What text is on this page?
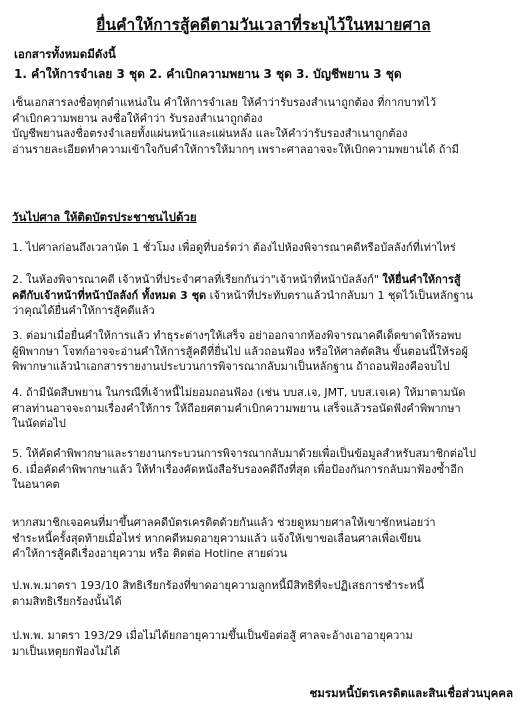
ยื่นคำให้การสู้คดีตามวันเวลาที่ระบุไว้ในหมายศาล
เอกสารทั้งหมดมีดังนี้
1. คำให้การจำเลย 3 ชุด 2. คำเบิกความพยาน 3 ชุด 3. บัญชีพยาน 3 ชุด
เซ็นเอกสารลงชื่อทุกตำแหน่งใน คำให้การจำเลย ให้คำว่ารับรองสำเนาถูกต้อง ที่กากบาทไว้
คำเบิกความพยาน ลงชื่อให้คำว่า รับรองสำเนาถูกต้อง
บัญชีพยานลงชื่อตรงจำเลยทั้งแผ่นหน้าและแผ่นหลัง และให้คำว่ารับรองสำเนาถูกต้อง
อ่านรายละเอียดทำความเข้าใจกับคำให้การให้มากๆ เพราะศาลอาจจะให้เบิกความพยานได้ ถ้ามี
วันไปศาล ให้ติดบัตรประชาชนไปด้วย
1. ไปศาลก่อนถึงเวลานัด 1 ชั่วโมง เพื่อดูที่บอร์ดว่า ต้องไปห้องพิจารณาคดีหรือบัลลังก์ที่เท่าไหร่
2. ในห้องพิจารณาคดี เจ้าหน้าที่ประจำศาลที่เรียกกันว่า"เจ้าหน้าที่หน้าบัลลังก์" ให้ยื่นคำให้การสู้
คดีกับเจ้าหน้าที่หน้าบัลลังก์ ทั้งหมด 3 ชุด เจ้าหน้าที่ประทับตราแล้วนำกลับมา 1 ชุดไว้เป็นหลักฐาน
ว่าคุณได้ยื่นคำให้การสู้คดีแล้ว
3. ต่อมาเมื่อยื่นคำให้การแล้ว ทำธุระต่างๆให้เสร็จ อย่าออกจากห้องพิจารณาคดีเด็ดขาดให้รอพบ
ผู้พิพากษา โจทก์อาจจะอ่านคำให้การสู้คดีที่ยื่นไป แล้วถอนฟ้อง หรือให้ศาลตัดสิน ขั้นตอนนี้ให้รอผู้
พิพากษาแล้วนำเอกสารรายงานประบวนการพิจารณากลับมาเป็นหลักฐาน ถ้าถอนฟ้องคือจบไป
4. ถ้ามีนัดสืบพยาน ในกรณีที่เจ้าหนี้ไม่ยอมถอนฟ้อง (เช่น บบส.เจ, JMT, บบส.เจเค) ให้มาตามนัด
ศาลท่านอาจจะถามเรื่องคำให้การ ให้ถือยศตามคำเบิกความพยาน เสร็จแล้วรอนัดฟังคำพิพากษา
ในนัดต่อไป
5. ให้คัดคำพิพากษาและรายงานกระบวนการพิจารณากลับมาด้วยเพื่อเป็นข้อมูลสำหรับสมาชิกต่อไป
6. เมื่อคัดคำพิพากษาแล้ว ให้ทำเรื่องคัดหนังสือรับรองคดีถึงที่สุด เพื่อป้องกันการกลับมาฟ้องซ้ำอีก
ในอนาคต
หากสมาชิกเจอคนที่มาขึ้นศาลคดีบัตรเครดิตด้วยกันแล้ว ช่วยดูหมายศาลให้เขาซักหน่อยว่า
ชำระหนี้ครั้งสุดท้ายเมื่อไหร่ หากคดีหมดอายุความแล้ว แจ้งให้เขาขอเลื่อนศาลเพื่อเขียน
คำให้การสู้คดีเรื่องอายุความ หรือ ติดต่อ Hotline สายด่วน
ป.พ.พ.มาตรา 193/10 สิทธิเรียกร้องที่ขาดอายุความลูกหนี้มีสิทธิที่จะปฏิเสธการชำระหนี้
ตามสิทธิเรียกร้องนั้นได้
ป.พ.พ. มาตรา 193/29 เมื่อไม่ได้ยกอายุความขึ้นเป็นข้อต่อสู้ ศาลจะอ้างเอาอายุความ
มาเป็นเหตุยกฟ้องไม่ได้
ชมรมหนี้บัตรเครดิตและสินเชื่อส่วนบุคคล
